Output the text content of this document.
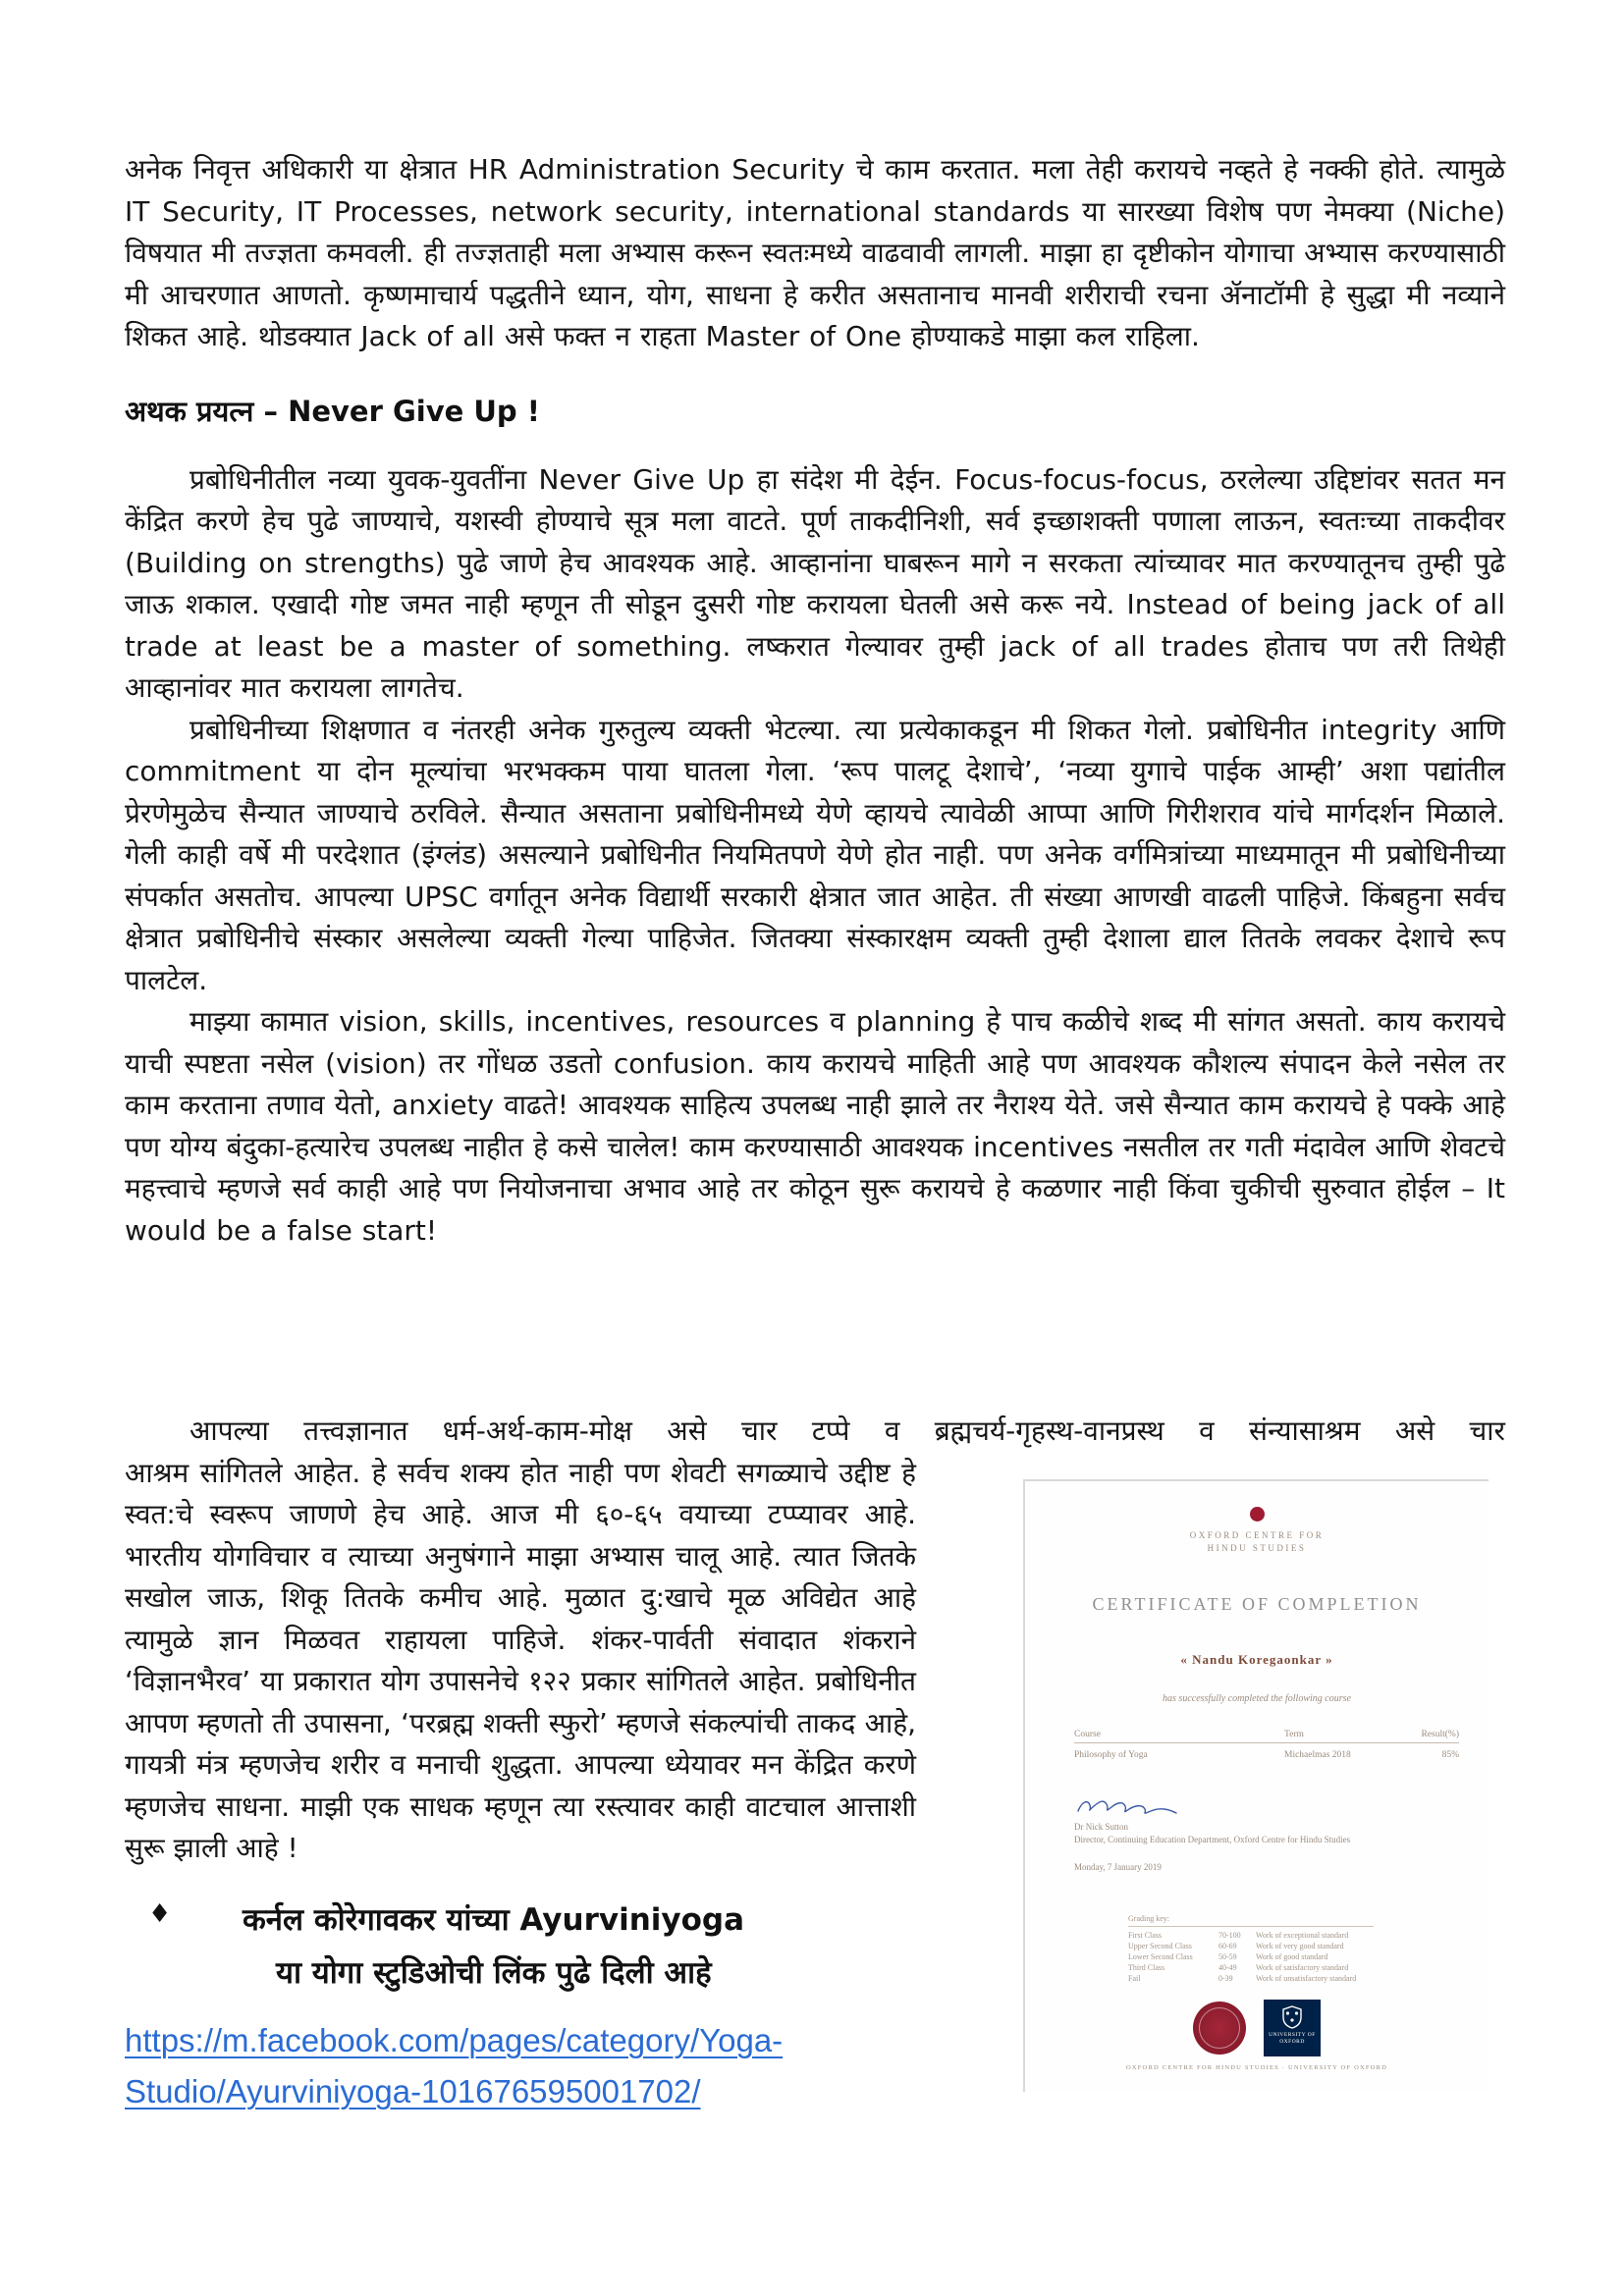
अनेक निवृत्त अधिकारी या क्षेत्रात HR Administration Security चे काम करतात. मला तेही करायचे नव्हते हे नक्की होते. त्यामुळे IT Security, IT Processes, network security, international standards या सारख्या विशेष पण नेमक्या (Niche) विषयात मी तज्ज्ञता कमवली. ही तज्ज्ञताही मला अभ्यास करून स्वतःमध्ये वाढवावी लागली. माझा हा दृष्टीकोन योगाचा अभ्यास करण्यासाठी मी आचरणात आणतो. कृष्णमाचार्य पद्धतीने ध्यान, योग, साधना हे करीत असतानाच मानवी शरीराची रचना ॲनाटॉमी हे सुद्धा मी नव्याने शिकत आहे. थोडक्यात Jack of all असे फक्त न राहता Master of One होण्याकडे माझा कल राहिला.

अथक प्रयत्न – Never Give Up !

प्रबोधिनीतील नव्या युवक-युवतींना Never Give Up हा संदेश मी देईन. Focus-focus-focus, ठरलेल्या उद्दिष्टांवर सतत मन केंद्रित करणे हेच पुढे जाण्याचे, यशस्वी होण्याचे सूत्र मला वाटते. पूर्ण ताकदीनिशी, सर्व इच्छाशक्ती पणाला लाऊन, स्वतःच्या ताकदीवर (Building on strengths) पुढे जाणे हेच आवश्यक आहे. आव्हानांना घाबरून मागे न सरकता त्यांच्यावर मात करण्यातूनच तुम्ही पुढे जाऊ शकाल. एखादी गोष्ट जमत नाही म्हणून ती सोडून दुसरी गोष्ट करायला घेतली असे करू नये. Instead of being jack of all trade at least be a master of something. लष्करात गेल्यावर तुम्ही jack of all trades होताच पण तरी तिथेही आव्हानांवर मात करायला लागतेच.

प्रबोधिनीच्या शिक्षणात व नंतरही अनेक गुरुतुल्य व्यक्ती भेटल्या. त्या प्रत्येकाकडून मी शिकत गेलो. प्रबोधिनीत integrity आणि commitment या दोन मूल्यांचा भरभक्कम पाया घातला गेला. ‘रूप पालटू देशाचे’, ‘नव्या युगाचे पाईक आम्ही’ अशा पद्यांतील प्रेरणेमुळेच सैन्यात जाण्याचे ठरविले. सैन्यात असताना प्रबोधिनीमध्ये येणे व्हायचे त्यावेळी आप्पा आणि गिरीशराव यांचे मार्गदर्शन मिळाले. गेली काही वर्षे मी परदेशात (इंग्लंड) असल्याने प्रबोधिनीत नियमितपणे येणे होत नाही. पण अनेक वर्गमित्रांच्या माध्यमातून मी प्रबोधिनीच्या संपर्कात असतोच. आपल्या UPSC वर्गातून अनेक विद्यार्थी सरकारी क्षेत्रात जात आहेत. ती संख्या आणखी वाढली पाहिजे. किंबहुना सर्वच क्षेत्रात प्रबोधिनीचे संस्कार असलेल्या व्यक्ती गेल्या पाहिजेत. जितक्या संस्कारक्षम व्यक्ती तुम्ही देशाला द्याल तितके लवकर देशाचे रूप पालटेल.

माझ्या कामात vision, skills, incentives, resources व planning हे पाच कळीचे शब्द मी सांगत असतो. काय करायचे याची स्पष्टता नसेल (vision) तर गोंधळ उडतो confusion. काय करायचे माहिती आहे पण आवश्यक कौशल्य संपादन केले नसेल तर काम करताना तणाव येतो, anxiety वाढते! आवश्यक साहित्य उपलब्ध नाही झाले तर नैराश्य येते. जसे सैन्यात काम करायचे हे पक्के आहे पण योग्य बंदुका-हत्यारेच उपलब्ध नाहीत हे कसे चालेल! काम करण्यासाठी आवश्यक incentives नसतील तर गती मंदावेल आणि शेवटचे महत्त्वाचे म्हणजे सर्व काही आहे पण नियोजनाचा अभाव आहे तर कोठून सुरू करायचे हे कळणार नाही किंवा चुकीची सुरुवात होईल – It would be a false start!

आपल्या तत्त्वज्ञानात धर्म-अर्थ-काम-मोक्ष असे चार टप्पे व ब्रह्मचर्य-गृहस्थ-वानप्रस्थ व संन्यासाश्रम असे चार

आश्रम सांगितले आहेत. हे सर्वच शक्य होत नाही पण शेवटी सगळ्याचे उद्दीष्ट हे स्वत:चे स्वरूप जाणणे हेच आहे. आज मी ६०-६५ वयाच्या टप्प्यावर आहे. भारतीय योगविचार व त्याच्या अनुषंगाने माझा अभ्यास चालू आहे. त्यात जितके सखोल जाऊ, शिकू तितके कमीच आहे. मुळात दु:खाचे मूळ अविद्येत आहे त्यामुळे ज्ञान मिळवत राहायला पाहिजे. शंकर-पार्वती संवादात शंकराने ‘विज्ञानभैरव’ या प्रकारात योग उपासनेचे १२२ प्रकार सांगितले आहेत. प्रबोधिनीत आपण म्हणतो ती उपासना, ‘परब्रह्म शक्ती स्फुरो’ म्हणजे संकल्पांची ताकद आहे, गायत्री मंत्र म्हणजेच शरीर व मनाची शुद्धता. आपल्या ध्येयावर मन केंद्रित करणे म्हणजेच साधना. माझी एक साधक म्हणून त्या रस्त्यावर काही वाटचाल आत्ताशी सुरू झाली आहे !

♦	कर्नल कोरेगावकर यांच्या Ayurviniyoga
या योगा स्टुडिओची लिंक पुढे दिली आहे
https://m.facebook.com/pages/category/Yoga-
Studio/Ayurviniyoga-101676595001702/
OXFORD CENTRE FOR
HINDU STUDIES
CERTIFICATE OF COMPLETION
« Nandu Koregaonkar »
has successfully completed the following course
Course	Term	Result(%)
Philosophy of Yoga	Michaelmas 2018	85%
Dr Nick Sutton
Director, Continuing Education Department, Oxford Centre for Hindu Studies
Monday, 7 January 2019
Grading key:
First Class	70-100	Work of exceptional standard
Upper Second Class	60-69	Work of very good standard
Lower Second Class	50-59	Work of good standard
Third Class	40-49	Work of satisfactory standard
Fail	0-39	Work of unsatisfactory standard
UNIVERSITY OF OXFORD
OXFORD CENTRE FOR HINDU STUDIES · UNIVERSITY OF OXFORD
